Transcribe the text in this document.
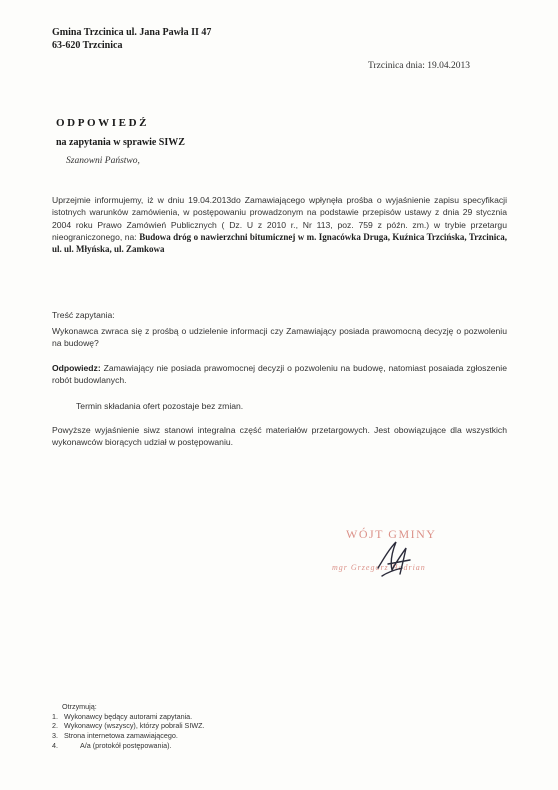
Gmina Trzcinica ul. Jana Pawła II 47
63-620 Trzcinica
Trzcinica dnia: 19.04.2013
ODPOWIEDŹ
na zapytania w sprawie SIWZ
Szanowni Państwo,
Uprzejmie informujemy, iż w dniu 19.04.2013do Zamawiającego wpłynęła prośba o wyjaśnienie zapisu specyfikacji istotnych warunków zamówienia, w postępowaniu prowadzonym na podstawie przepisów ustawy z dnia 29 stycznia 2004 roku Prawo Zamówień Publicznych ( Dz. U z 2010 r., Nr 113, poz. 759 z późn. zm.) w trybie przetargu nieograniczonego, na: Budowa dróg o nawierzchni bitumicznej w m. Ignacówka Druga, Kuźnica Trzcińska, Trzcinica, ul. ul. Młyńska, ul. Zamkowa
Treść zapytania:
Wykonawca zwraca się z prośbą o udzielenie informacji czy Zamawiający posiada prawomocną decyzję o pozwoleniu na budowę?
Odpowiedz: Zamawiający nie posiada prawomocnej decyzji o pozwoleniu na budowę, natomiast posaiada zgłoszenie robót budowlanych.
Termin składania ofert pozostaje bez zmian.
Powyższe wyjaśnienie siwz stanowi integralna część materiałów przetargowych. Jest obowiązujące dla wszystkich wykonawców biorących udział w postępowaniu.
WÓJT GMINY
mgr Grzegorz Hadrian
Otrzymują:
1. Wykonawcy będący autorami zapytania.
2. Wykonawcy (wszyscy), którzy pobrali SIWZ.
3. Strona internetowa zamawiającego.
4.	A/a (protokół postępowania).
